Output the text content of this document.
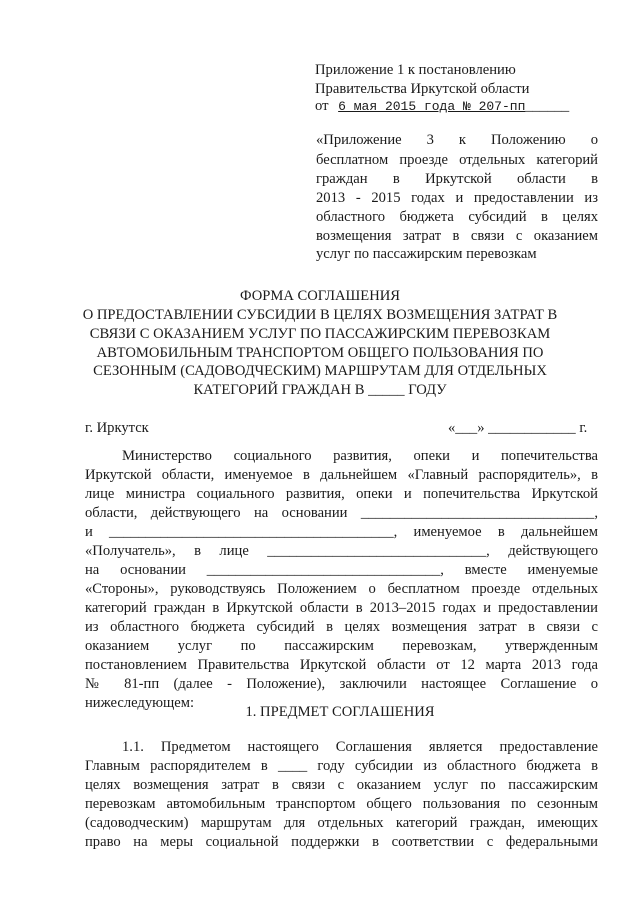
Приложение 1 к постановлению
Правительства Иркутской области
от 6 мая 2015 года № 207-пп______
«Приложение 3 к Положению о
бесплатном проезде отдельных категорий
граждан в Иркутской области в
2013 - 2015 годах и предоставлении из
областного бюджета субсидий в целях
возмещения затрат в связи с оказанием
услуг по пассажирским перевозкам
ФОРМА СОГЛАШЕНИЯ
О ПРЕДОСТАВЛЕНИИ СУБСИДИИ В ЦЕЛЯХ ВОЗМЕЩЕНИЯ ЗАТРАТ В
СВЯЗИ С ОКАЗАНИЕМ УСЛУГ ПО ПАССАЖИРСКИМ ПЕРЕВОЗКАМ
АВТОМОБИЛЬНЫМ ТРАНСПОРТОМ ОБЩЕГО ПОЛЬЗОВАНИЯ ПО
СЕЗОННЫМ (САДОВОДЧЕСКИМ) МАРШРУТАМ ДЛЯ ОТДЕЛЬНЫХ
КАТЕГОРИЙ ГРАЖДАН В _____ ГОДУ
г. Иркутск	«___» ____________ г.
Министерство социального развития, опеки и попечительства
Иркутской области, именуемое в дальнейшем «Главный распорядитель», в
лице министра социального развития, опеки и попечительства Иркутской
области, действующего на основании ________________________________,
и _______________________________________, именуемое в дальнейшем
«Получатель», в лице ______________________________, действующего
на основании ________________________________, вместе именуемые
«Стороны», руководствуясь Положением о бесплатном проезде отдельных
категорий граждан в Иркутской области в 2013–2015 годах и предоставлении
из областного бюджета субсидий в целях возмещения затрат в связи с
оказанием услуг по пассажирским перевозкам, утвержденным
постановлением Правительства Иркутской области от 12 марта 2013 года
№ 81-пп (далее - Положение), заключили настоящее Соглашение о
нижеследующем:
1. ПРЕДМЕТ СОГЛАШЕНИЯ
1.1. Предметом настоящего Соглашения является предоставление
Главным распорядителем в ____ году субсидии из областного бюджета в
целях возмещения затрат в связи с оказанием услуг по пассажирским
перевозкам автомобильным транспортом общего пользования по сезонным
(садоводческим) маршрутам для отдельных категорий граждан, имеющих
право на меры социальной поддержки в соответствии с федеральными
